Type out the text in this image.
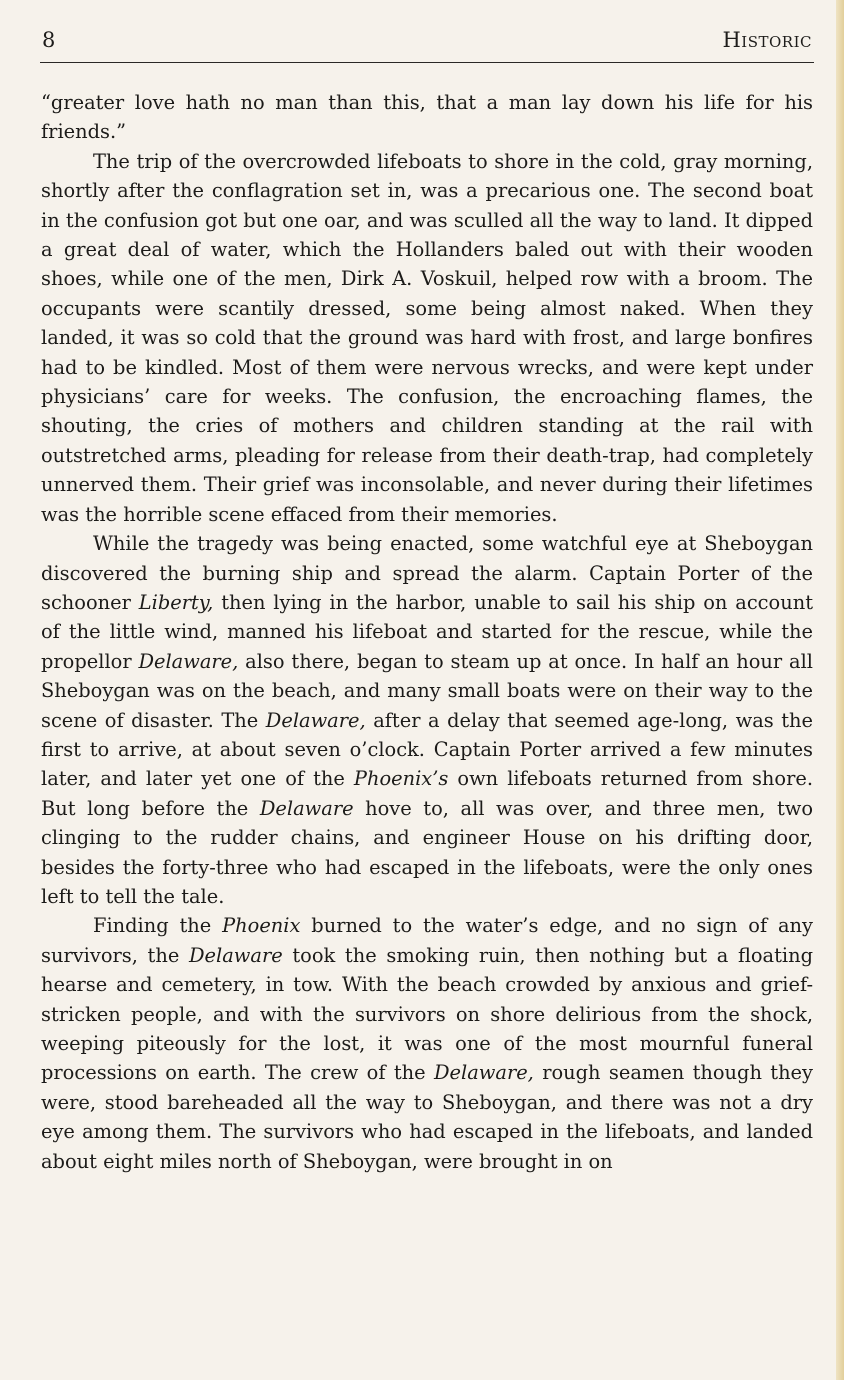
8	Historic

“greater love hath no man than this, that a man lay down his life for his friends.”

The trip of the overcrowded lifeboats to shore in the cold, gray morning, shortly after the conflagration set in, was a precarious one. The second boat in the confusion got but one oar, and was sculled all the way to land. It dipped a great deal of water, which the Hollanders baled out with their wooden shoes, while one of the men, Dirk A. Voskuil, helped row with a broom. The occupants were scantily dressed, some being almost naked. When they landed, it was so cold that the ground was hard with frost, and large bonfires had to be kindled. Most of them were nervous wrecks, and were kept under physicians’ care for weeks. The confusion, the encroaching flames, the shouting, the cries of mothers and children standing at the rail with outstretched arms, pleading for release from their death-trap, had completely unnerved them. Their grief was inconsolable, and never during their lifetimes was the horrible scene effaced from their memories.

While the tragedy was being enacted, some watchful eye at Sheboygan discovered the burning ship and spread the alarm. Captain Porter of the schooner Liberty, then lying in the harbor, unable to sail his ship on account of the little wind, manned his lifeboat and started for the rescue, while the propellor Delaware, also there, began to steam up at once. In half an hour all Sheboygan was on the beach, and many small boats were on their way to the scene of disaster. The Delaware, after a delay that seemed age-long, was the first to arrive, at about seven o’clock. Captain Porter arrived a few minutes later, and later yet one of the Phoenix’s own lifeboats returned from shore. But long before the Delaware hove to, all was over, and three men, two clinging to the rudder chains, and engineer House on his drifting door, besides the forty-three who had escaped in the lifeboats, were the only ones left to tell the tale.

Finding the Phoenix burned to the water’s edge, and no sign of any survivors, the Delaware took the smoking ruin, then nothing but a floating hearse and cemetery, in tow. With the beach crowded by anxious and grief-stricken people, and with the survivors on shore delirious from the shock, weeping piteously for the lost, it was one of the most mournful funeral processions on earth. The crew of the Delaware, rough seamen though they were, stood bareheaded all the way to Sheboygan, and there was not a dry eye among them. The survivors who had escaped in the lifeboats, and landed about eight miles north of Sheboygan, were brought in on
